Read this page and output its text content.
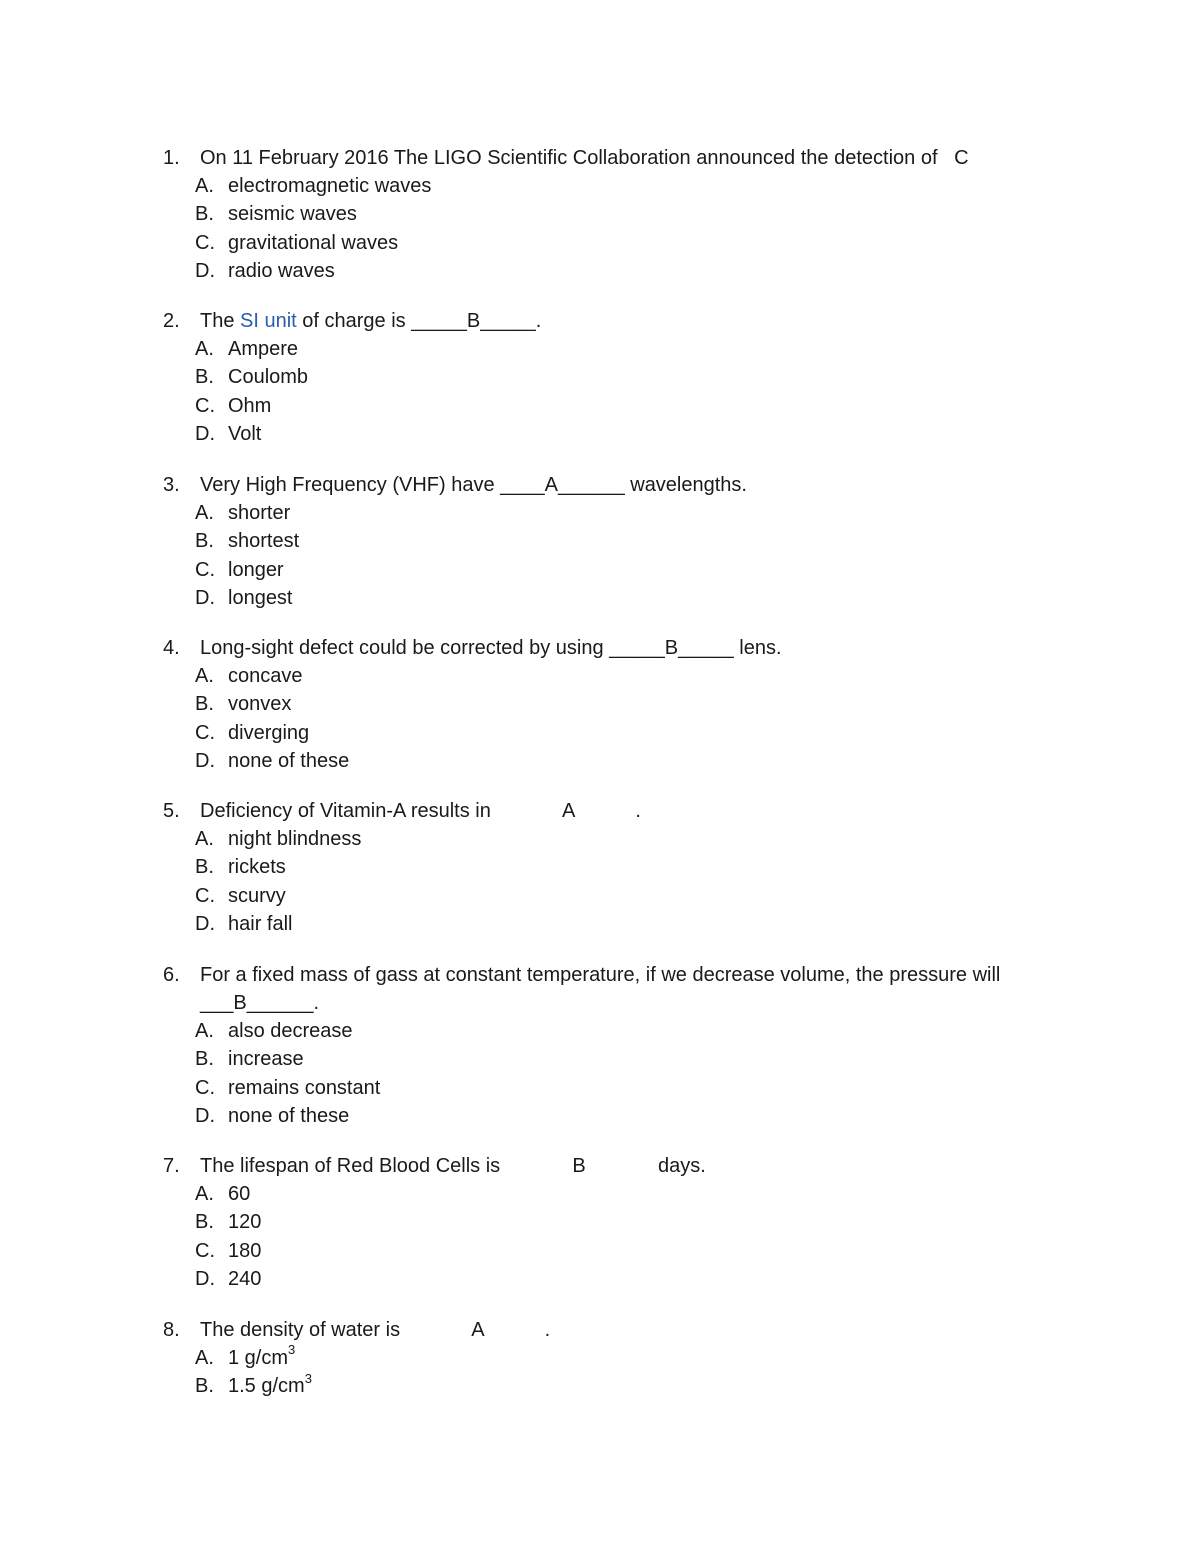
1. On 11 February 2016 The LIGO Scientific Collaboration announced the detection of C
A. electromagnetic waves
B. seismic waves
C. gravitational waves
D. radio waves
2. The SI unit of charge is _____B_____.
A. Ampere
B. Coulomb
C. Ohm
D. Volt
3. Very High Frequency (VHF) have ____A______ wavelengths.
A. shorter
B. shortest
C. longer
D. longest
4. Long-sight defect could be corrected by using _____B_____ lens.
A. concave
B. vonvex
C. diverging
D. none of these
5. Deficiency of Vitamin-A results in	A	.
A. night blindness
B. rickets
C. scurvy
D. hair fall
6. For a fixed mass of gass at constant temperature, if we decrease volume, the pressure will
___B______.
A. also decrease
B. increase
C. remains constant
D. none of these
7. The lifespan of Red Blood Cells is	B	days.
A. 60
B. 120
C. 180
D. 240
8. The density of water is	A	.
A. 1 $g/cm^3$
B. 1.5 $g/cm^3$
